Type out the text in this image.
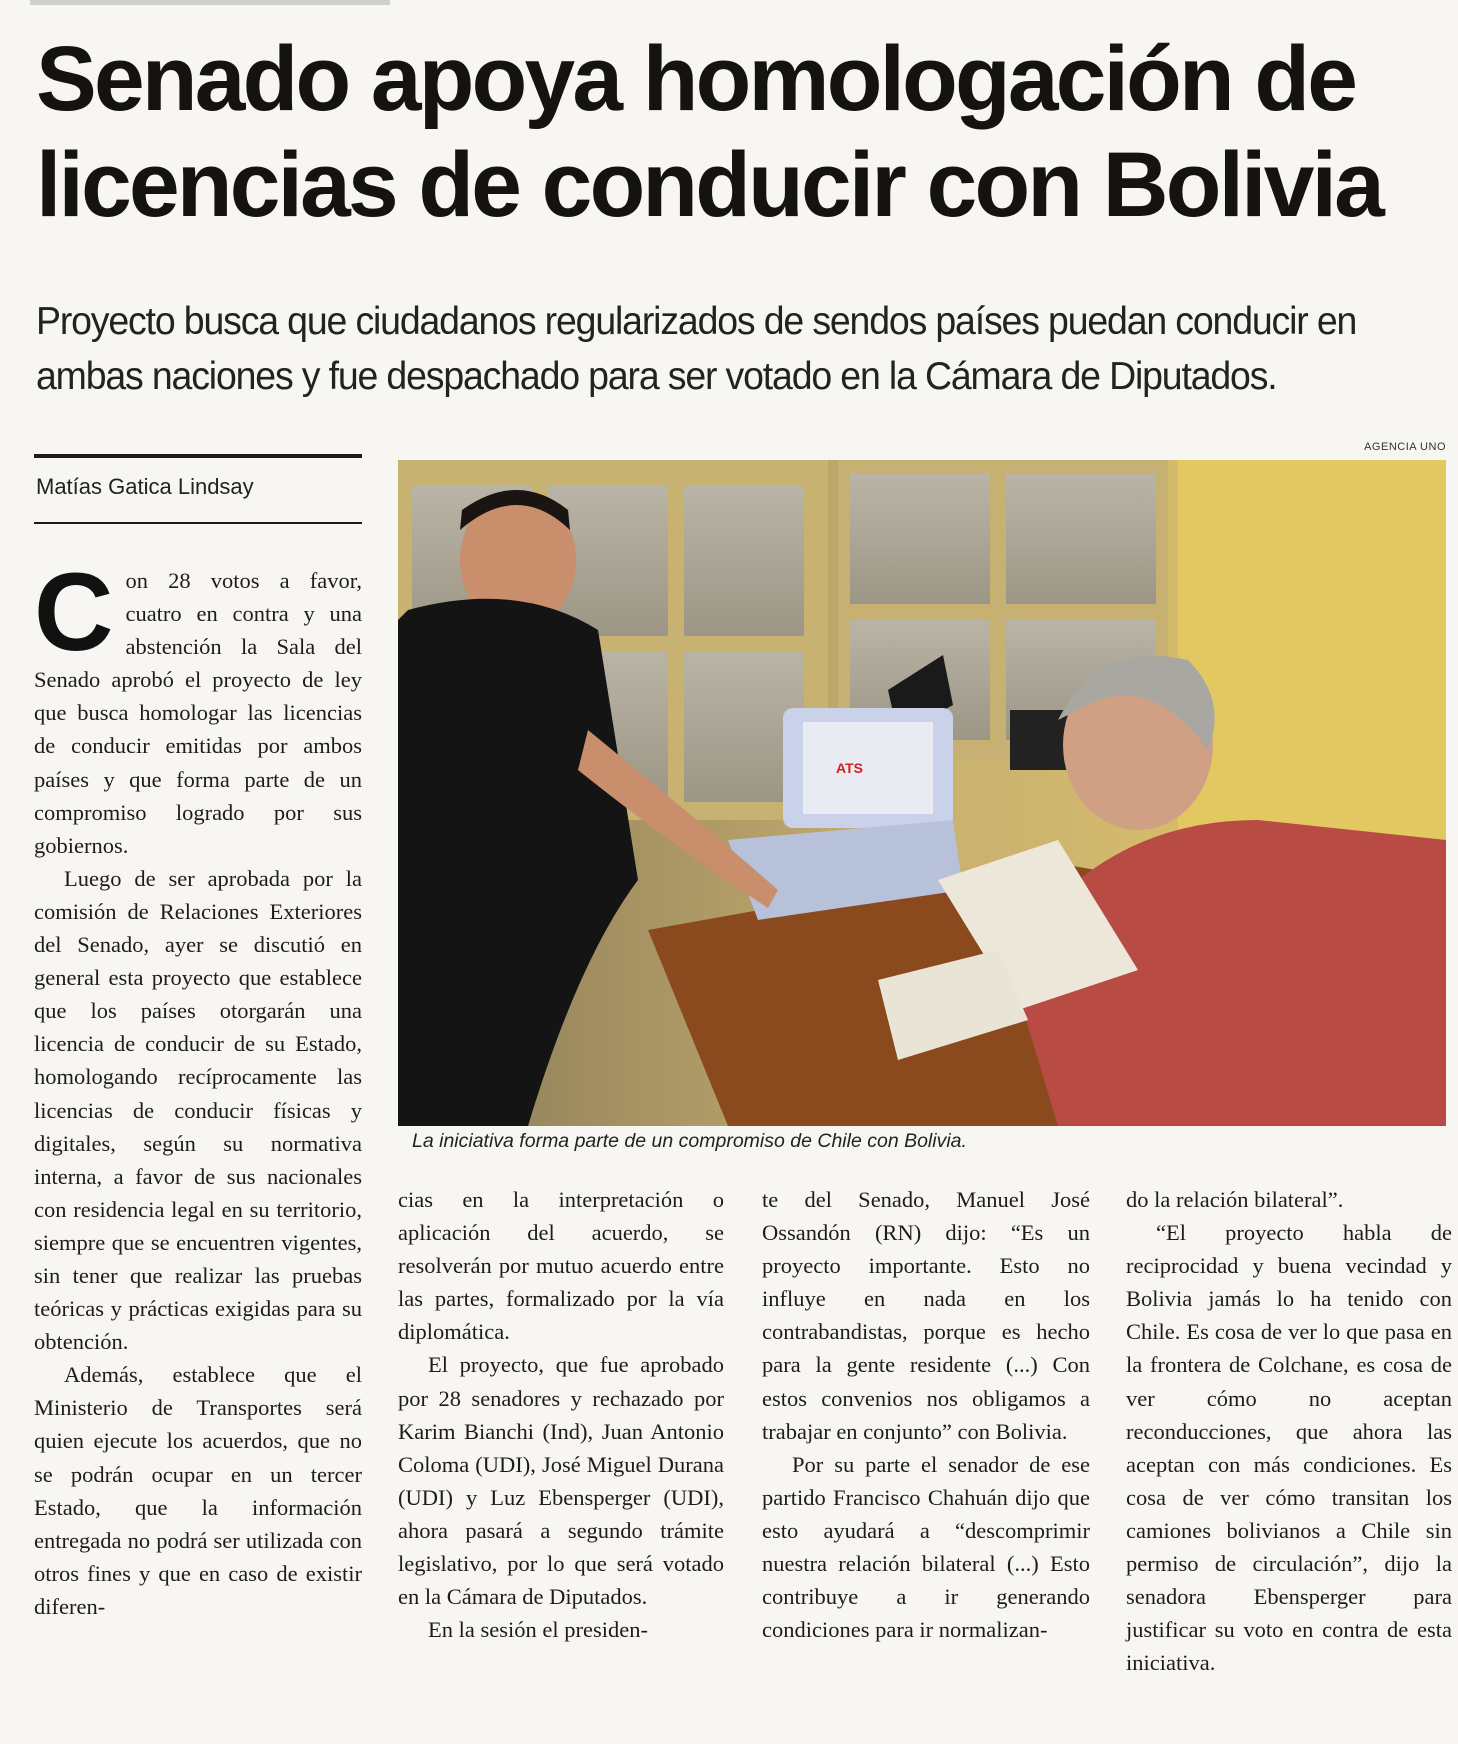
Senado apoya homologación de licencias de conducir con Bolivia

Proyecto busca que ciudadanos regularizados de sendos países puedan conducir en ambas naciones y fue despachado para ser votado en la Cámara de Diputados.

Matías Gatica Lindsay

Con 28 votos a favor, cuatro en contra y una abstención la Sala del Senado aprobó el proyecto de ley que busca homologar las licencias de conducir emitidas por ambos países y que forma parte de un compromiso logrado por sus gobiernos.

Luego de ser aprobada por la comisión de Relaciones Exteriores del Senado, ayer se discutió en general esta proyecto que establece que los países otorgarán una licencia de conducir de su Estado, homologando recíprocamente las licencias de conducir físicas y digitales, según su normativa interna, a favor de sus nacionales con residencia legal en su territorio, siempre que se encuentren vigentes, sin tener que realizar las pruebas teóricas y prácticas exigidas para su obtención.

Además, establece que el Ministerio de Transportes será quien ejecute los acuerdos, que no se podrán ocupar en un tercer Estado, que la información entregada no podrá ser utilizada con otros fines y que en caso de existir diferen-

AGENCIA UNO
ATS

La iniciativa forma parte de un compromiso de Chile con Bolivia.

cias en la interpretación o aplicación del acuerdo, se resolverán por mutuo acuerdo entre las partes, formalizado por la vía diplomática.

El proyecto, que fue aprobado por 28 senadores y rechazado por Karim Bianchi (Ind), Juan Antonio Coloma (UDI), José Miguel Durana (UDI) y Luz Ebensperger (UDI), ahora pasará a segundo trámite legislativo, por lo que será votado en la Cámara de Diputados.

En la sesión el presiden-

te del Senado, Manuel José Ossandón (RN) dijo: “Es un proyecto importante. Esto no influye en nada en los contrabandistas, porque es hecho para la gente residente (...) Con estos convenios nos obligamos a trabajar en conjunto” con Bolivia.

Por su parte el senador de ese partido Francisco Chahuán dijo que esto ayudará a “descomprimir nuestra relación bilateral (...) Esto contribuye a ir generando condiciones para ir normalizan-

do la relación bilateral”.

“El proyecto habla de reciprocidad y buena vecindad y Bolivia jamás lo ha tenido con Chile. Es cosa de ver lo que pasa en la frontera de Colchane, es cosa de ver cómo no aceptan reconducciones, que ahora las aceptan con más condiciones. Es cosa de ver cómo transitan los camiones bolivianos a Chile sin permiso de circulación”, dijo la senadora Ebensperger para justificar su voto en contra de esta iniciativa.
